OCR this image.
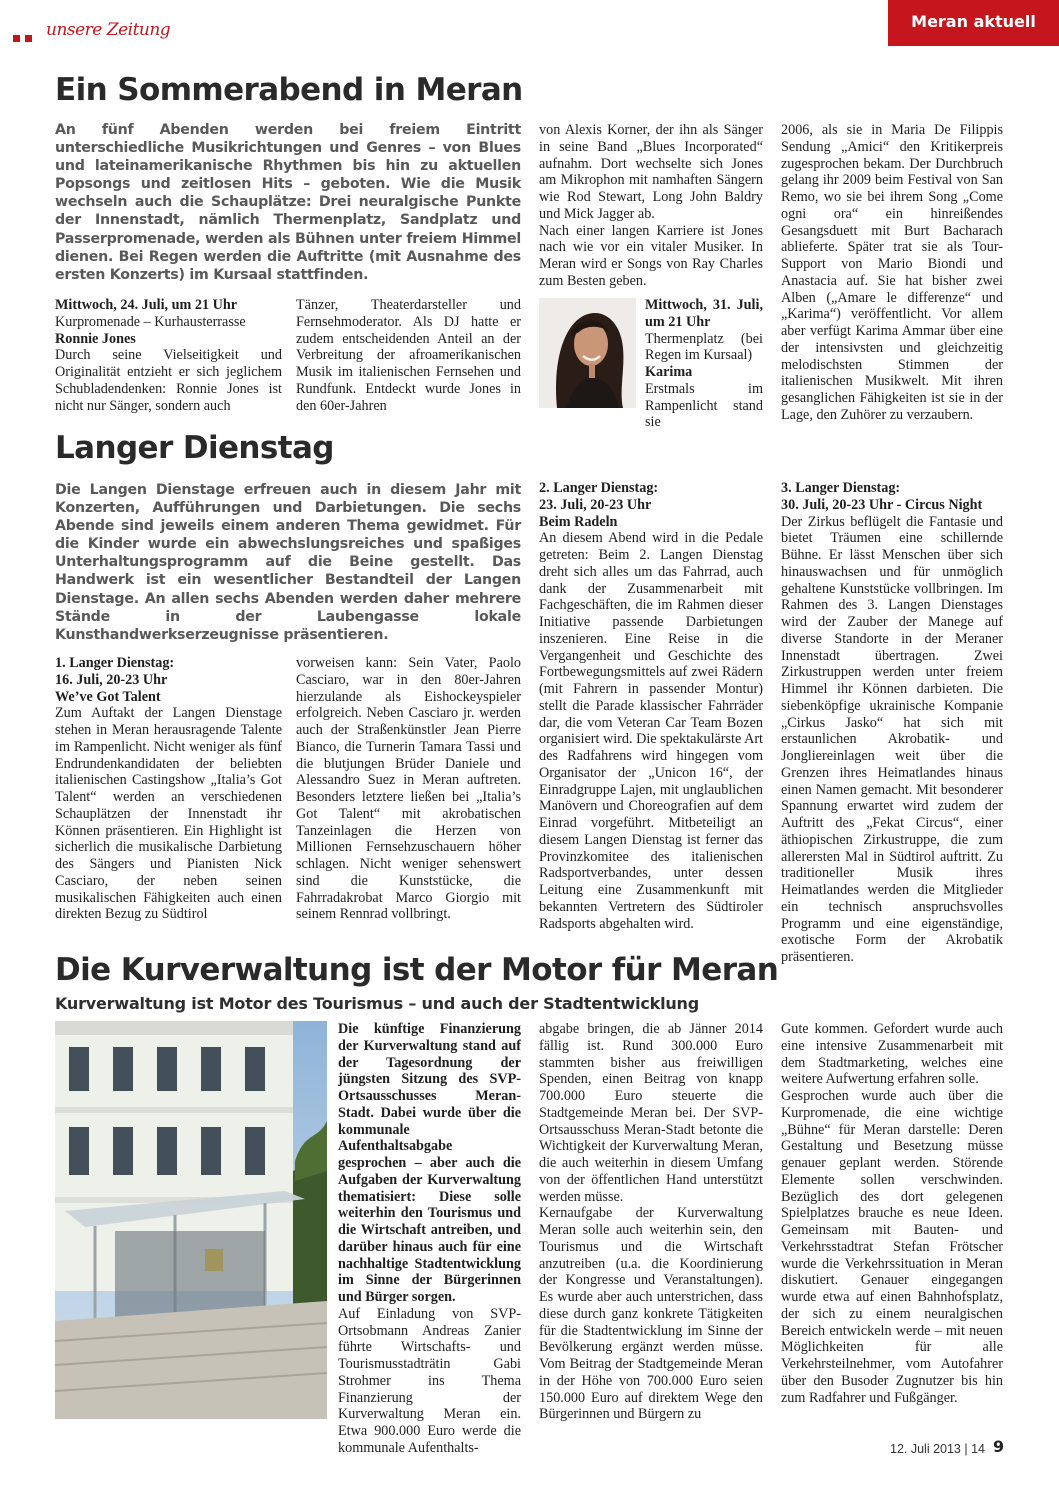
unsere Zeitung	Meran aktuell
Ein Sommerabend in Meran

An fünf Abenden werden bei freiem Eintritt unterschiedliche Musikrichtungen und Genres – von Blues und lateinamerikanische Rhythmen bis hin zu aktuellen Popsongs und zeitlosen Hits – geboten. Wie die Musik wechseln auch die Schauplätze: Drei neuralgische Punkte der Innenstadt, nämlich Thermenplatz, Sandplatz und Passerpromenade, werden als Bühnen unter freiem Himmel dienen. Bei Regen werden die Auftritte (mit Ausnahme des ersten Konzerts) im Kursaal stattfinden.

Mittwoch, 24. Juli, um 21 Uhr

Kurpromenade – Kurhausterrasse

Ronnie Jones

Durch seine Vielseitigkeit und Originalität entzieht er sich jeglichem Schubladendenken: Ronnie Jones ist nicht nur Sänger, sondern auch

Tänzer, Theaterdarsteller und Fernsehmoderator. Als DJ hatte er zudem entscheidenden Anteil an der Verbreitung der afroamerikanischen Musik im italienischen Fernsehen und Rundfunk. Entdeckt wurde Jones in den 60er-Jahren

von Alexis Korner, der ihn als Sänger in seine Band „Blues Incorporated“ aufnahm. Dort wechselte sich Jones am Mikrophon mit namhaften Sängern wie Rod Stewart, Long John Baldry und Mick Jagger ab.

Nach einer langen Karriere ist Jones nach wie vor ein vitaler Musiker. In Meran wird er Songs von Ray Charles zum Besten geben.

Mittwoch, 31. Juli, um 21 Uhr

Thermenplatz (bei Regen im Kursaal)

Karima

Erstmals im Rampenlicht stand sie

2006, als sie in Maria De Filippis Sendung „Amici“ den Kritikerpreis zugesprochen bekam. Der Durchbruch gelang ihr 2009 beim Festival von San Remo, wo sie bei ihrem Song „Come ogni ora“ ein hinreißendes Gesangsduett mit Burt Bacharach ablieferte. Später trat sie als Tour-Support von Mario Biondi und Anastacia auf. Sie hat bisher zwei Alben („Amare le differenze“ und „Karima“) veröffentlicht. Vor allem aber verfügt Karima Ammar über eine der intensivsten und gleichzeitig melodischsten Stimmen der italienischen Musikwelt. Mit ihren gesanglichen Fähigkeiten ist sie in der Lage, den Zuhörer zu verzaubern.

Langer Dienstag

Die Langen Dienstage erfreuen auch in diesem Jahr mit Konzerten, Aufführungen und Darbietungen. Die sechs Abende sind jeweils einem anderen Thema gewidmet. Für die Kinder wurde ein abwechslungsreiches und spaßiges Unterhaltungsprogramm auf die Beine gestellt. Das Handwerk ist ein wesentlicher Bestandteil der Langen Dienstage. An allen sechs Abenden werden daher mehrere Stände in der Laubengasse lokale Kunsthandwerkserzeugnisse präsentieren.

1. Langer Dienstag:

16. Juli, 20-23 Uhr

We’ve Got Talent

Zum Auftakt der Langen Dienstage stehen in Meran herausragende Talente im Rampenlicht. Nicht weniger als fünf Endrundenkandidaten der beliebten italienischen Castingshow „Italia’s Got Talent“ werden an verschiedenen Schauplätzen der Innenstadt ihr Können präsentieren. Ein Highlight ist sicherlich die musikalische Darbietung des Sängers und Pianisten Nick Casciaro, der neben seinen musikalischen Fähigkeiten auch einen direkten Bezug zu Südtirol

vorweisen kann: Sein Vater, Paolo Casciaro, war in den 80er-Jahren hierzulande als Eishockeyspieler erfolgreich. Neben Casciaro jr. werden auch der Straßenkünstler Jean Pierre Bianco, die Turnerin Tamara Tassi und die blutjungen Brüder Daniele und Alessandro Suez in Meran auftreten. Besonders letztere ließen bei „Italia’s Got Talent“ mit akrobatischen Tanzeinlagen die Herzen von Millionen Fernsehzuschauern höher schlagen. Nicht weniger sehenswert sind die Kunststücke, die Fahrradakrobat Marco Giorgio mit seinem Rennrad vollbringt.

2. Langer Dienstag:

23. Juli, 20-23 Uhr

Beim Radeln

An diesem Abend wird in die Pedale getreten: Beim 2. Langen Dienstag dreht sich alles um das Fahrrad, auch dank der Zusammenarbeit mit Fachgeschäften, die im Rahmen dieser Initiative passende Darbietungen inszenieren. Eine Reise in die Vergangenheit und Geschichte des Fortbewegungsmittels auf zwei Rädern (mit Fahrern in passender Montur) stellt die Parade klassischer Fahrräder dar, die vom Veteran Car Team Bozen organisiert wird. Die spektakulärste Art des Radfahrens wird hingegen vom Organisator der „Unicon 16“, der Einradgruppe Lajen, mit unglaublichen Manövern und Choreografien auf dem Einrad vorgeführt. Mitbeteiligt an diesem Langen Dienstag ist ferner das Provinzkomitee des italienischen Radsportverbandes, unter dessen Leitung eine Zusammenkunft mit bekannten Vertretern des Südtiroler Radsports abgehalten wird.

3. Langer Dienstag:

30. Juli, 20-23 Uhr - Circus Night

Der Zirkus beflügelt die Fantasie und bietet Träumen eine schillernde Bühne. Er lässt Menschen über sich hinauswachsen und für unmöglich gehaltene Kunststücke vollbringen. Im Rahmen des 3. Langen Dienstages wird der Zauber der Manege auf diverse Standorte in der Meraner Innenstadt übertragen. Zwei Zirkustruppen werden unter freiem Himmel ihr Können darbieten. Die siebenköpfige ukrainische Kompanie „Cirkus Jasko“ hat sich mit erstaunlichen Akrobatik- und Jongliereinlagen weit über die Grenzen ihres Heimatlandes hinaus einen Namen gemacht. Mit besonderer Spannung erwartet wird zudem der Auftritt des „Fekat Circus“, einer äthiopischen Zirkustruppe, die zum allerersten Mal in Südtirol auftritt. Zu traditioneller Musik ihres Heimatlandes werden die Mitglieder ein technisch anspruchsvolles Programm und eine eigenständige, exotische Form der Akrobatik präsentieren.

Die Kurverwaltung ist der Motor für Meran
Kurverwaltung ist Motor des Tourismus – und auch der Stadtentwicklung

Die künftige Finanzierung der Kurverwaltung stand auf der Tagesordnung der jüngsten Sitzung des SVP-Ortsausschusses Meran-Stadt. Dabei wurde über die kommunale Aufenthaltsabgabe gesprochen – aber auch die Aufgaben der Kurverwaltung thematisiert: Diese solle weiterhin den Tourismus und die Wirtschaft antreiben, und darüber hinaus auch für eine nachhaltige Stadtentwicklung im Sinne der Bürgerinnen und Bürger sorgen.

Auf Einladung von SVP-Ortsobmann Andreas Zanier führte Wirtschafts- und Tourismusstadträtin Gabi Strohmer ins Thema Finanzierung der Kurverwaltung Meran ein. Etwa 900.000 Euro werde die kommunale Aufenthalts-

abgabe bringen, die ab Jänner 2014 fällig ist. Rund 300.000 Euro stammten bisher aus freiwilligen Spenden, einen Beitrag von knapp 700.000 Euro steuerte die Stadtgemeinde Meran bei. Der SVP-Ortsausschuss Meran-Stadt betonte die Wichtigkeit der Kurverwaltung Meran, die auch weiterhin in diesem Umfang von der öffentlichen Hand unterstützt werden müsse.

Kernaufgabe der Kurverwaltung Meran solle auch weiterhin sein, den Tourismus und die Wirtschaft anzutreiben (u.a. die Koordinierung der Kongresse und Veranstaltungen). Es wurde aber auch unterstrichen, dass diese durch ganz konkrete Tätigkeiten für die Stadtentwicklung im Sinne der Bevölkerung ergänzt werden müsse. Vom Beitrag der Stadtgemeinde Meran in der Höhe von 700.000 Euro seien 150.000 Euro auf direktem Wege den Bürgerinnen und Bürgern zu

Gute kommen. Gefordert wurde auch eine intensive Zusammenarbeit mit dem Stadtmarketing, welches eine weitere Aufwertung erfahren solle.

Gesprochen wurde auch über die Kurpromenade, die eine wichtige „Bühne“ für Meran darstelle: Deren Gestaltung und Besetzung müsse genauer geplant werden. Störende Elemente sollen verschwinden. Bezüglich des dort gelegenen Spielplatzes brauche es neue Ideen. Gemeinsam mit Bauten- und Verkehrsstadtrat Stefan Frötscher wurde die Verkehrssituation in Meran diskutiert. Genauer eingegangen wurde etwa auf einen Bahnhofsplatz, der sich zu einem neuralgischen Bereich entwickeln werde – mit neuen Möglichkeiten für alle Verkehrsteilnehmer, vom Autofahrer über den Busoder Zugnutzer bis hin zum Radfahrer und Fußgänger.

12. Juli 2013 | 14 9
